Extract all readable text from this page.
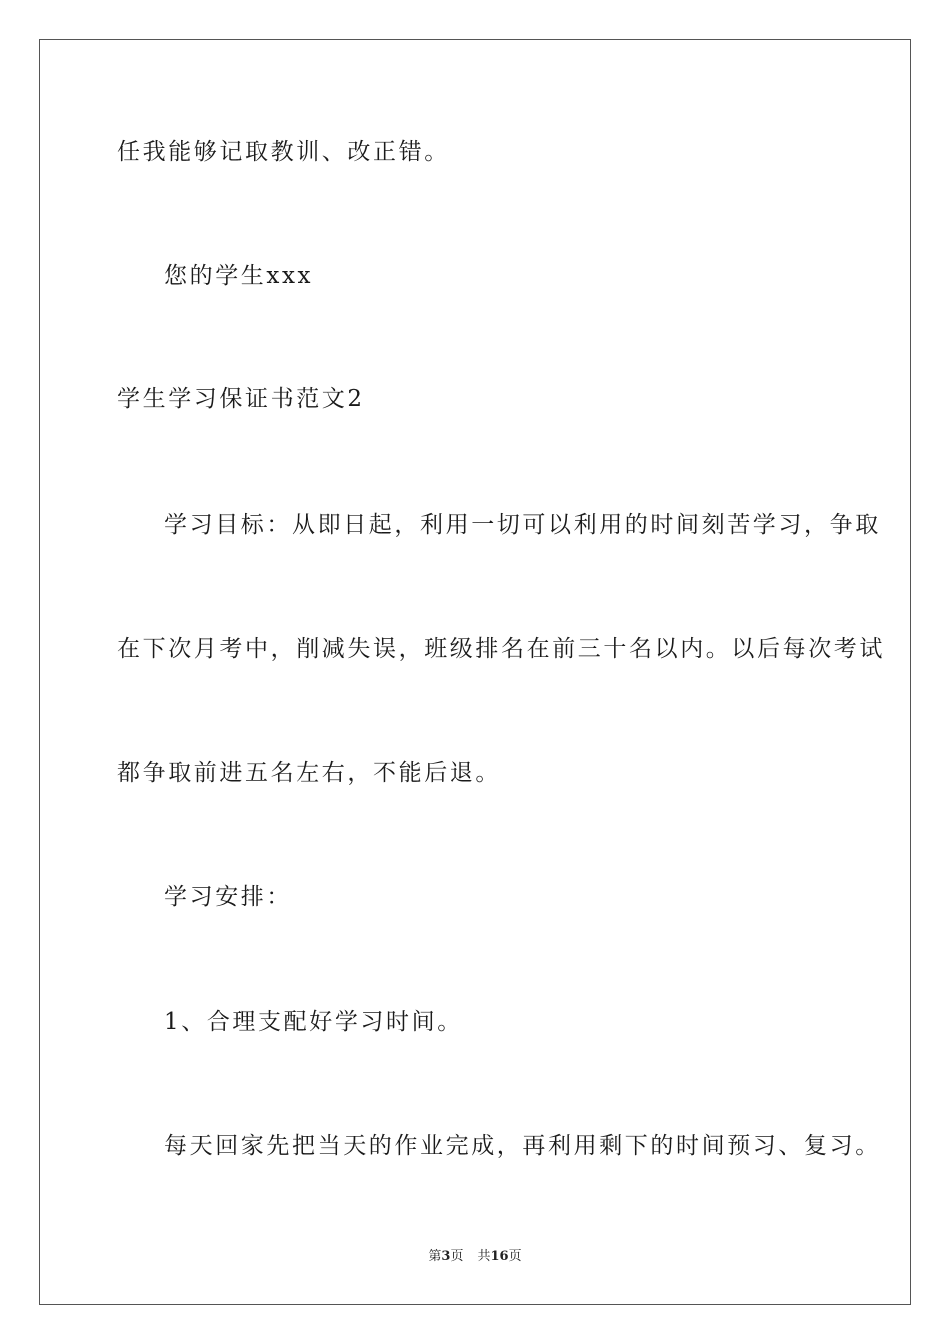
任我能够记取教训、改正错。
您的学生xxx
学生学习保证书范文2
学习目标：从即日起，利用一切可以利用的时间刻苦学习，争取
在下次月考中，削减失误，班级排名在前三十名以内。以后每次考试
都争取前进五名左右，不能后退。
学习安排：
1、合理支配好学习时间。
每天回家先把当天的作业完成，再利用剩下的时间预习、复习。
第3页 共16页
